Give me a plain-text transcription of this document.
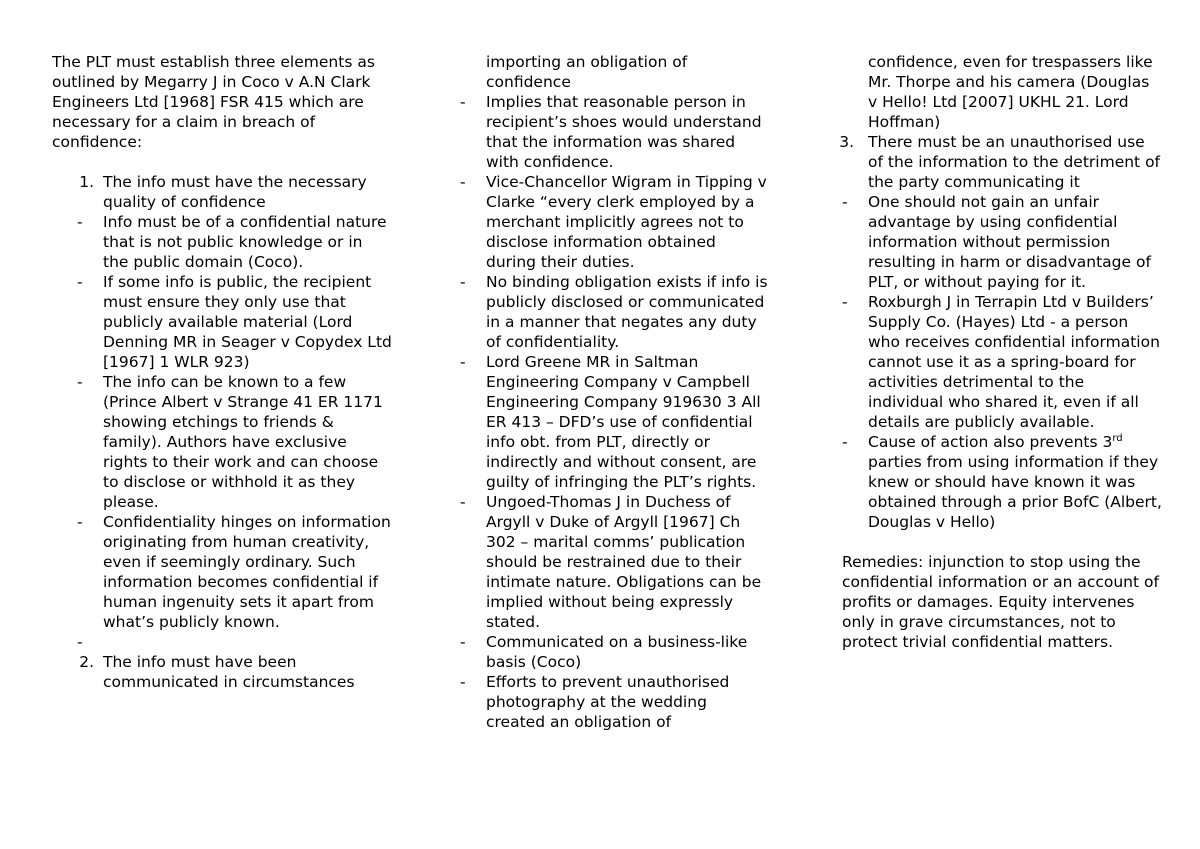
The PLT must establish three elements as outlined by Megarry J in Coco v A.N Clark Engineers Ltd [1968] FSR 415 which are necessary for a claim in breach of confidence:

1. The info must have the necessary quality of confidence
- Info must be of a confidential nature that is not public knowledge or in the public domain (Coco).
- If some info is public, the recipient must ensure they only use that publicly available material (Lord Denning MR in Seager v Copydex Ltd [1967] 1 WLR 923)
- The info can be known to a few (Prince Albert v Strange 41 ER 1171 showing etchings to friends & family). Authors have exclusive rights to their work and can choose to disclose or withhold it as they please.
- Confidentiality hinges on information originating from human creativity, even if seemingly ordinary. Such information becomes confidential if human ingenuity sets it apart from what’s publicly known.
-
2. The info must have been communicated in circumstances
importing an obligation of confidence
- Implies that reasonable person in recipient’s shoes would understand that the information was shared with confidence.
- Vice-Chancellor Wigram in Tipping v Clarke “every clerk employed by a merchant implicitly agrees not to disclose information obtained during their duties.
- No binding obligation exists if info is publicly disclosed or communicated in a manner that negates any duty of confidentiality.
- Lord Greene MR in Saltman Engineering Company v Campbell Engineering Company 919630 3 All ER 413 – DFD’s use of confidential info obt. from PLT, directly or indirectly and without consent, are guilty of infringing the PLT’s rights.
- Ungoed-Thomas J in Duchess of Argyll v Duke of Argyll [1967] Ch 302 – marital comms’ publication should be restrained due to their intimate nature. Obligations can be implied without being expressly stated.
- Communicated on a business-like basis (Coco)
- Efforts to prevent unauthorised photography at the wedding created an obligation of
confidence, even for trespassers like Mr. Thorpe and his camera (Douglas v Hello! Ltd [2007] UKHL 21. Lord Hoffman)
3. There must be an unauthorised use of the information to the detriment of the party communicating it
- One should not gain an unfair advantage by using confidential information without permission resulting in harm or disadvantage of PLT, or without paying for it.
- Roxburgh J in Terrapin Ltd v Builders’ Supply Co. (Hayes) Ltd - a person who receives confidential information cannot use it as a spring-board for activities detrimental to the individual who shared it, even if all details are publicly available.
- Cause of action also prevents 3rd parties from using information if they knew or should have known it was obtained through a prior BofC (Albert, Douglas v Hello)

Remedies: injunction to stop using the confidential information or an account of profits or damages. Equity intervenes only in grave circumstances, not to protect trivial confidential matters.
